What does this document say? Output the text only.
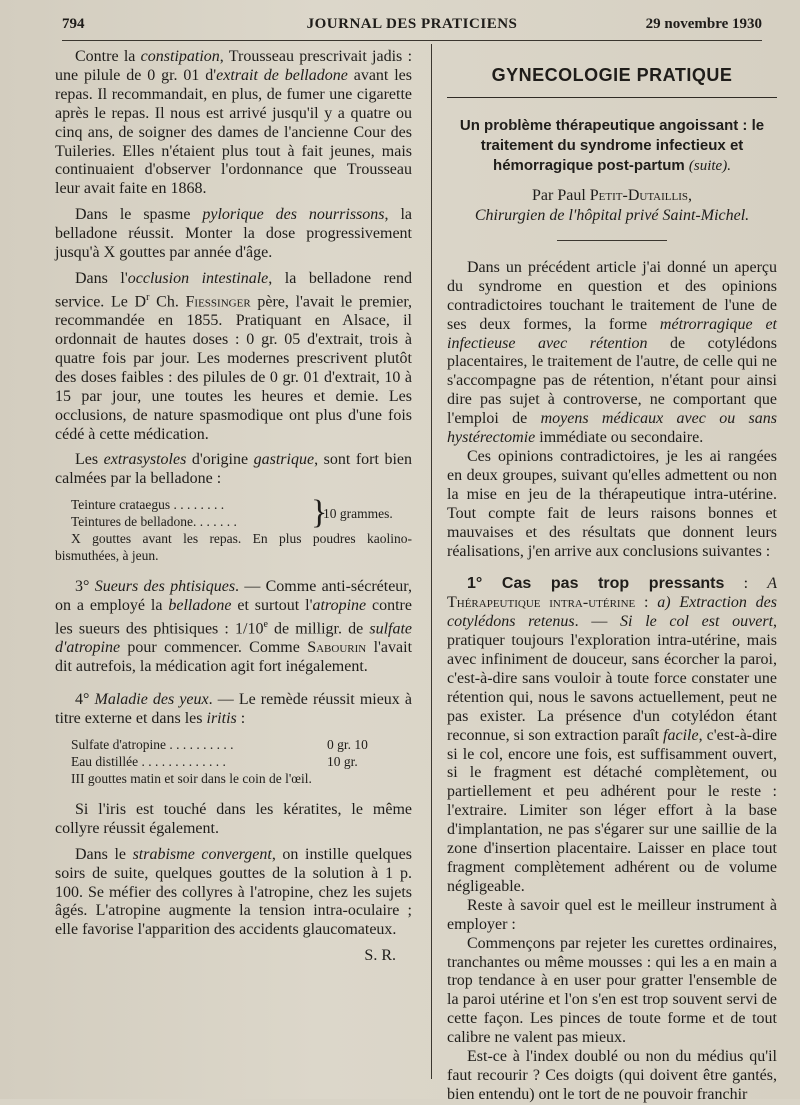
794	JOURNAL DES PRATICIENS	29 novembre 1930

Contre la constipation, Trousseau prescrivait jadis : une pilule de 0 gr. 01 d'extrait de belladone avant les repas. Il recommandait, en plus, de fumer une cigarette après le repas. Il nous est arrivé jusqu'il y a quatre ou cinq ans, de soigner des dames de l'ancienne Cour des Tuileries. Elles n'étaient plus tout à fait jeunes, mais continuaient d'observer l'ordonnance que Trousseau leur avait faite en 1868.

Dans le spasme pylorique des nourrissons, la belladone réussit. Monter la dose progressivement jusqu'à X gouttes par année d'âge.

Dans l'occlusion intestinale, la belladone rend service. Le $D^r$ Ch. Fiessinger père, l'avait le premier, recommandée en 1855. Pratiquant en Alsace, il ordonnait de hautes doses : 0 gr. 05 d'extrait, trois à quatre fois par jour. Les modernes prescrivent plutôt des doses faibles : des pilules de 0 gr. 01 d'extrait, 10 à 15 par jour, une toutes les heures et demie. Les occlusions, de nature spasmodique ont plus d'une fois cédé à cette médication.

Les extrasystoles d'origine gastrique, sont fort bien calmées par la belladone :

Teinture crataegus . . . . . . . .
Teintures de belladone. . . . . . . }
10 grammes.

X gouttes avant les repas. En plus poudres kaolino-bismuthées, à jeun.

3° Sueurs des phtisiques. — Comme anti-sécréteur, on a employé la belladone et surtout l'atropine contre les sueurs des phtisiques : 1/10e de milligr. de sulfate d'atropine pour commencer. Comme Sabourin l'avait dit autrefois, la médication agit fort inégalement.

4° Maladie des yeux. — Le remède réussit mieux à titre externe et dans les iritis :

Sulfate d'atropine . . . . . . . . . .	0 gr. 10
Eau distillée . . . . . . . . . . . . .	10 gr.

III gouttes matin et soir dans le coin de l'œil.

Si l'iris est touché dans les kératites, le même collyre réussit également.

Dans le strabisme convergent, on instille quelques soirs de suite, quelques gouttes de la solution à 1 p. 100. Se méfier des collyres à l'atropine, chez les sujets âgés. L'atropine augmente la tension intra-oculaire ; elle favorise l'apparition des accidents glaucomateux.

S. R.

GYNECOLOGIE PRATIQUE

Un problème thérapeutique angoissant : le traitement du syndrome infectieux et hémorragique post-partum (suite).

Par Paul Petit-Dutaillis,

Chirurgien de l'hôpital privé Saint-Michel.

Dans un précédent article j'ai donné un aperçu du syndrome en question et des opinions contradictoires touchant le traitement de l'une de ses deux formes, la forme métrorragique et infectieuse avec rétention de cotylédons placentaires, le traitement de l'autre, de celle qui ne s'accompagne pas de rétention, n'étant pour ainsi dire pas sujet à controverse, ne comportant que l'emploi de moyens médicaux avec ou sans hystérectomie immédiate ou secondaire.

Ces opinions contradictoires, je les ai rangées en deux groupes, suivant qu'elles admettent ou non la mise en jeu de la thérapeutique intra-utérine. Tout compte fait de leurs raisons bonnes et mauvaises et des résultats que donnent leurs réalisations, j'en arrive aux conclusions suivantes :

1° Cas pas trop pressants : A Thérapeutique intra-utérine : a) Extraction des cotylédons retenus. — Si le col est ouvert, pratiquer toujours l'exploration intra-utérine, mais avec infiniment de douceur, sans écorcher la paroi, c'est-à-dire sans vouloir à toute force constater une rétention qui, nous le savons actuellement, peut ne pas exister. La présence d'un cotylédon étant reconnue, si son extraction paraît facile, c'est-à-dire si le col, encore une fois, est suffisamment ouvert, si le fragment est détaché complètement, ou partiellement et peu adhérent pour le reste : l'extraire. Limiter son léger effort à la base d'implantation, ne pas s'égarer sur une saillie de la zone d'insertion placentaire. Laisser en place tout fragment complètement adhérent ou de volume négligeable.

Reste à savoir quel est le meilleur instrument à employer :

Commençons par rejeter les curettes ordinaires, tranchantes ou même mousses : qui les a en main a trop tendance à en user pour gratter l'ensemble de la paroi utérine et l'on s'en est trop souvent servi de cette façon. Les pinces de toute forme et de tout calibre ne valent pas mieux.

Est-ce à l'index doublé ou non du médius qu'il faut recourir ? Ces doigts (qui doivent être gantés, bien entendu) ont le tort de ne pouvoir franchir
